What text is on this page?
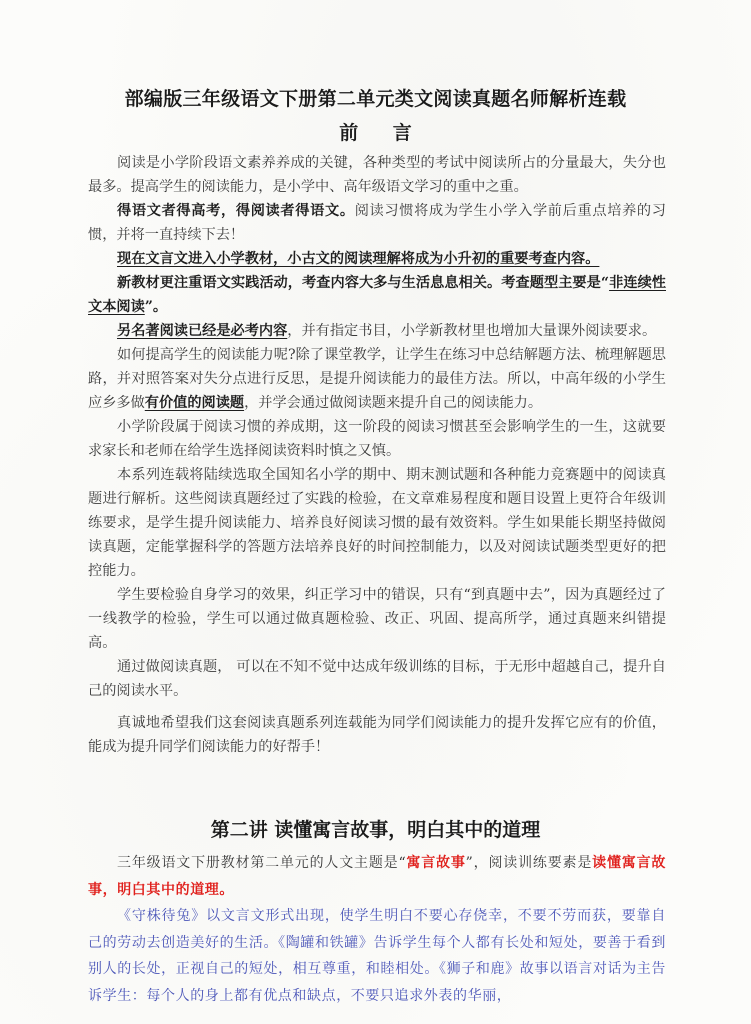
部编版三年级语文下册第二单元类文阅读真题名师解析连载
前 言

阅读是小学阶段语文素养养成的关键，各种类型的考试中阅读所占的分量最大，失分也最多。提高学生的阅读能力，是小学中、高年级语文学习的重中之重。

得语文者得高考，得阅读者得语文。阅读习惯将成为学生小学入学前后重点培养的习惯，并将一直持续下去！

现在文言文进入小学教材，小古文的阅读理解将成为小升初的重要考查内容。

新教材更注重语文实践活动，考查内容大多与生活息息相关。考查题型主要是“非连续性文本阅读”。

另名著阅读已经是必考内容，并有指定书目，小学新教材里也增加大量课外阅读要求。

如何提高学生的阅读能力呢?除了课堂教学，让学生在练习中总结解题方法、梳理解题思路，并对照答案对失分点进行反思，是提升阅读能力的最佳方法。所以，中高年级的小学生应乡多做有价值的阅读题，并学会通过做阅读题来提升自己的阅读能力。

小学阶段属于阅读习惯的养成期，这一阶段的阅读习惯甚至会影响学生的一生，这就要求家长和老师在给学生选择阅读资料时慎之又慎。

本系列连载将陆续选取全国知名小学的期中、期末测试题和各种能力竞赛题中的阅读真题进行解析。这些阅读真题经过了实践的检验，在文章难易程度和题目设置上更符合年级训练要求，是学生提升阅读能力、培养良好阅读习惯的最有效资料。学生如果能长期坚持做阅读真题，定能掌握科学的答题方法培养良好的时间控制能力，以及对阅读试题类型更好的把控能力。

学生要检验自身学习的效果，纠正学习中的错误，只有“到真题中去”，因为真题经过了一线教学的检验，学生可以通过做真题检验、改正、巩固、提高所学，通过真题来纠错提高。

通过做阅读真题， 可以在不知不觉中达成年级训练的目标，于无形中超越自己，提升自己的阅读水平。

真诚地希望我们这套阅读真题系列连载能为同学们阅读能力的提升发挥它应有的价值，能成为提升同学们阅读能力的好帮手！

第二讲 读懂寓言故事，明白其中的道理

三年级语文下册教材第二单元的人文主题是“寓言故事”，阅读训练要素是读懂寓言故事，明白其中的道理。

《守株待兔》以文言文形式出现，使学生明白不要心存侥幸，不要不劳而获，要靠自己的劳动去创造美好的生活。《陶罐和铁罐》告诉学生每个人都有长处和短处，要善于看到别人的长处，正视自己的短处，相互尊重，和睦相处。《狮子和鹿》故事以语言对话为主告诉学生：每个人的身上都有优点和缺点，不要只追求外表的华丽，
